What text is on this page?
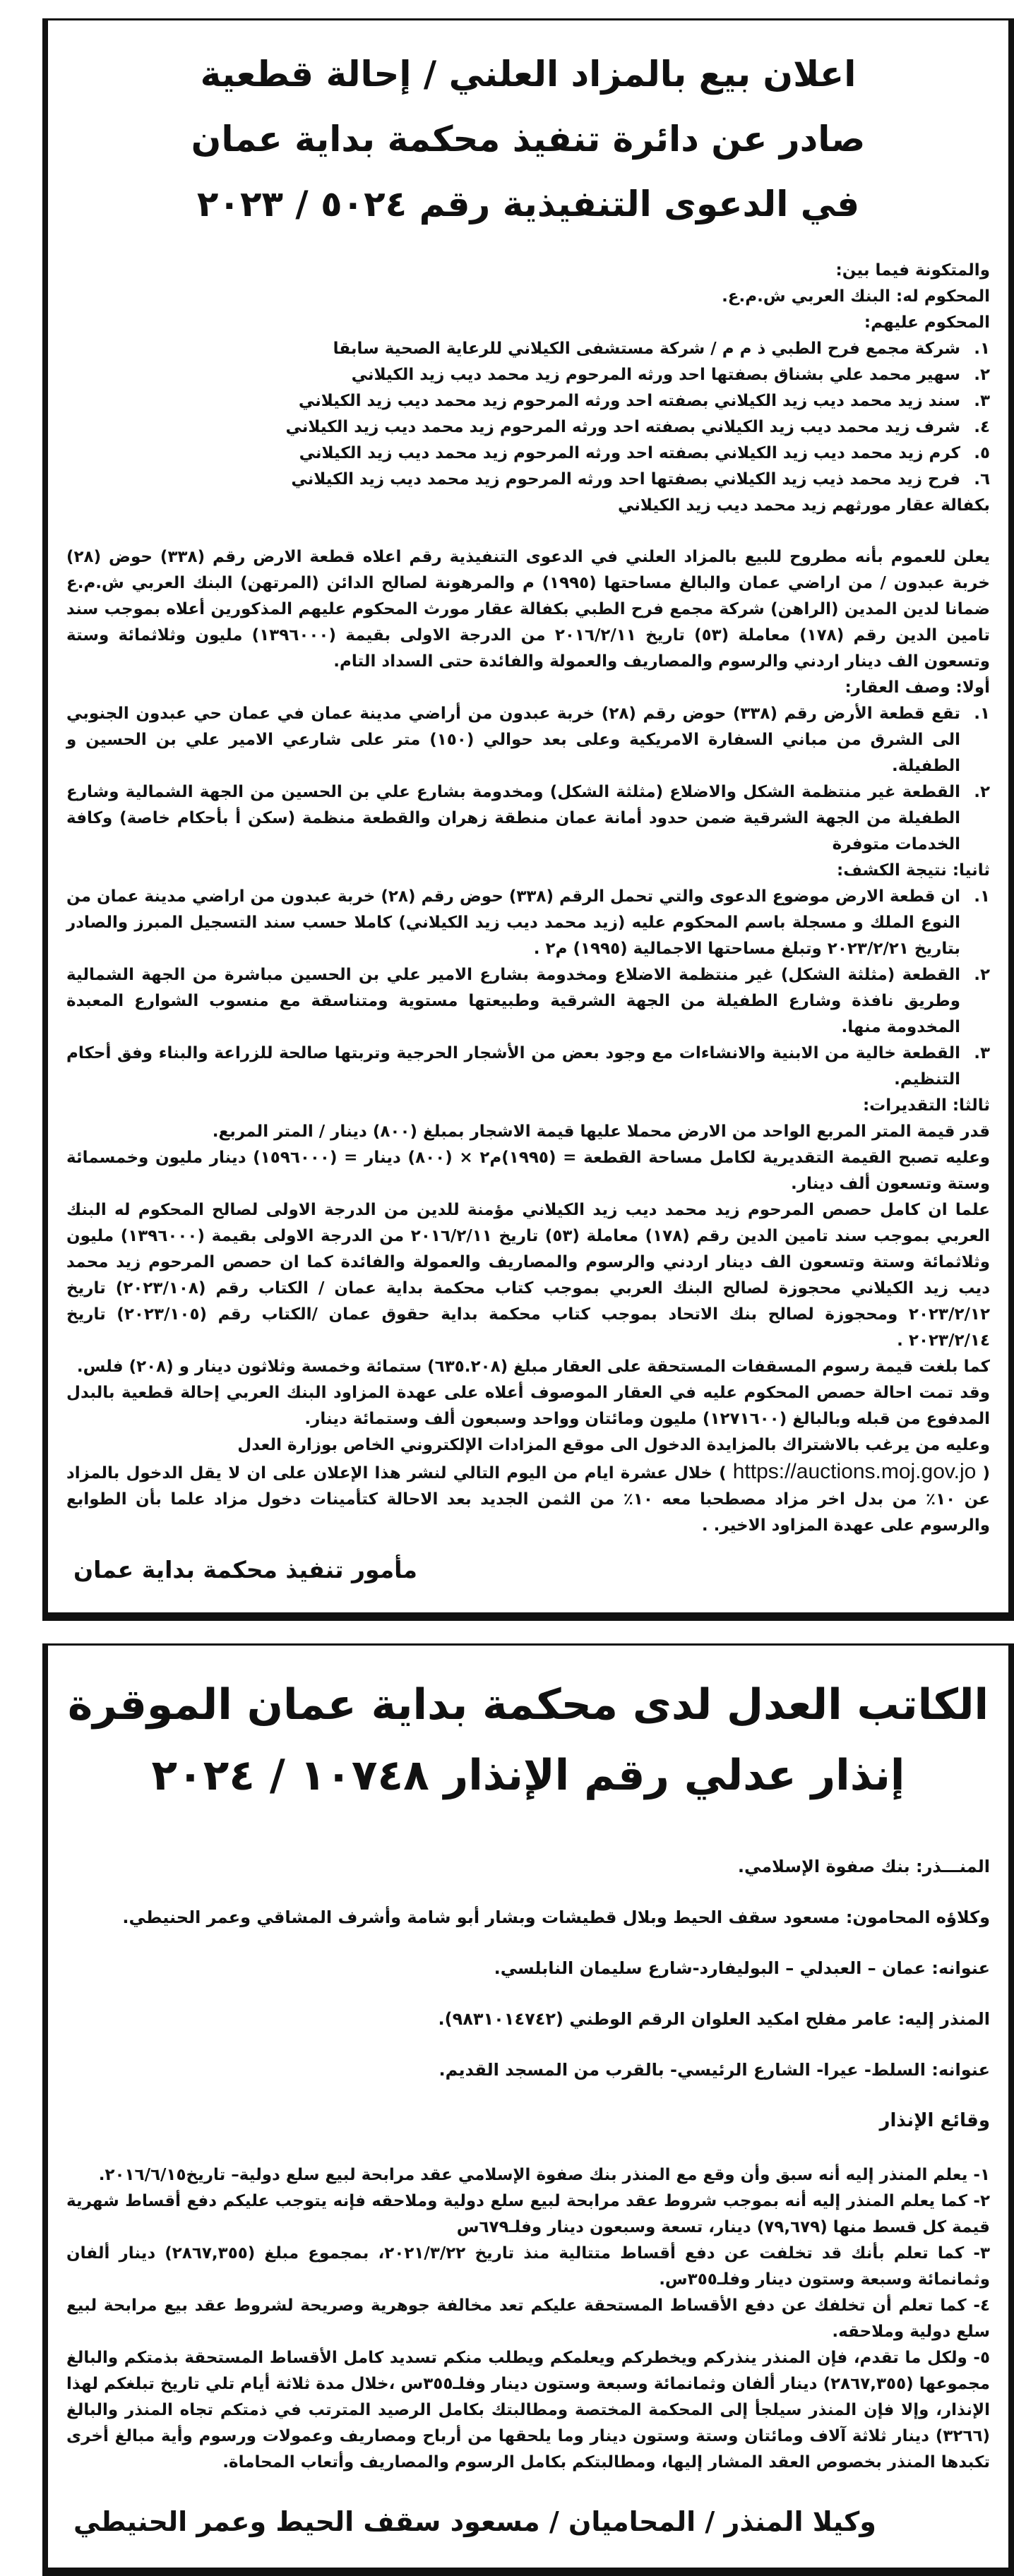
اعلان بيع بالمزاد العلني / إحالة قطعية
صادر عن دائرة تنفيذ محكمة بداية عمان
في الدعوى التنفيذية رقم ٥٠٢٤ / ٢٠٢٣
والمتكونة فيما بين:
المحكوم له: البنك العربي ش.م.ع.
المحكوم عليهم:
١.
شركة مجمع فرح الطبي ذ م م / شركة مستشفى الكيلاني للرعاية الصحية سابقا
٢.
سهير محمد علي بشناق بصفتها احد ورثه المرحوم زيد محمد ديب زيد الكيلاني
٣.
سند زيد محمد ديب زيد الكيلاني بصفته احد ورثه المرحوم زيد محمد ديب زيد الكيلاني
٤.
شرف زيد محمد ديب زيد الكيلاني بصفته احد ورثه المرحوم زيد محمد ديب زيد الكيلاني
٥.
كرم زيد محمد ديب زيد الكيلاني بصفته احد ورثه المرحوم زيد محمد ديب زيد الكيلاني
٦.
فرح زيد محمد ذيب زيد الكيلاني بصفتها احد ورثه المرحوم زيد محمد ديب زيد الكيلاني
بكفالة عقار مورثهم زيد محمد ديب زيد الكيلاني
يعلن للعموم بأنه مطروح للبيع بالمزاد العلني في الدعوى التنفيذية رقم اعلاه قطعة الارض رقم (٣٣٨) حوض (٢٨) خربة عبدون / من اراضي عمان والبالغ مساحتها (١٩٩٥) م والمرهونة لصالح الدائن (المرتهن) البنك العربي ش.م.ع ضمانا لدين المدين (الراهن) شركة مجمع فرح الطبي بكفالة عقار مورث المحكوم عليهم المذكورين أعلاه بموجب سند تامين الدين رقم (١٧٨) معاملة (٥٣) تاريخ ٢٠١٦/٢/١١ من الدرجة الاولى بقيمة (١٣٩٦٠٠٠) مليون وثلاثمائة وستة وتسعون الف دينار اردني والرسوم والمصاريف والعمولة والفائدة حتى السداد التام.
أولا: وصف العقار:
١.
تقع قطعة الأرض رقم (٣٣٨) حوض رقم (٢٨) خربة عبدون من أراضي مدينة عمان في عمان حي عبدون الجنوبي الى الشرق من مباني السفارة الامريكية وعلى بعد حوالي (١٥٠) متر على شارعي الامير علي بن الحسين و الطفيلة.
٢.
القطعة غير منتظمة الشكل والاضلاع (مثلثة الشكل) ومخدومة بشارع علي بن الحسين من الجهة الشمالية وشارع الطفيلة من الجهة الشرقية ضمن حدود أمانة عمان منطقة زهران والقطعة منظمة (سكن أ بأحكام خاصة) وكافة الخدمات متوفرة
ثانيا: نتيجة الكشف:
١.
ان قطعة الارض موضوع الدعوى والتي تحمل الرقم (٣٣٨) حوض رقم (٢٨) خربة عبدون من اراضي مدينة عمان من النوع الملك و مسجلة باسم المحكوم عليه (زيد محمد ديب زيد الكيلاني) كاملا حسب سند التسجيل المبرز والصادر بتاريخ ٢٠٢٣/٢/٢١ وتبلغ مساحتها الاجمالية (١٩٩٥) م٢ .
٢.
القطعة (مثلثة الشكل) غير منتظمة الاضلاع ومخدومة بشارع الامير علي بن الحسين مباشرة من الجهة الشمالية وطريق نافذة وشارع الطفيلة من الجهة الشرقية وطبيعتها مستوية ومتناسقة مع منسوب الشوارع المعبدة المخدومة منها.
٣.
القطعة خالية من الابنية والانشاءات مع وجود بعض من الأشجار الحرجية وتربتها صالحة للزراعة والبناء وفق أحكام التنظيم.
ثالثا: التقديرات:
قدر قيمة المتر المربع الواحد من الارض محملا عليها قيمة الاشجار بمبلغ (٨٠٠) دينار / المتر المربع.
وعليه تصبح القيمة التقديرية لكامل مساحة القطعة = (١٩٩٥)م٢ × (٨٠٠) دينار = (١٥٩٦٠٠٠) دينار مليون وخمسمائة وستة وتسعون ألف دينار.
علما ان كامل حصص المرحوم زيد محمد ديب زيد الكيلاني مؤمنة للدين من الدرجة الاولى لصالح المحكوم له البنك العربي بموجب سند تامين الدين رقم (١٧٨) معاملة (٥٣) تاريخ ٢٠١٦/٢/١١ من الدرجة الاولى بقيمة (١٣٩٦٠٠٠) مليون وثلاثمائة وستة وتسعون الف دينار اردني والرسوم والمصاريف والعمولة والفائدة كما ان حصص المرحوم زيد محمد ديب زيد الكيلاني محجوزة لصالح البنك العربي بموجب كتاب محكمة بداية عمان / الكتاب رقم (٢٠٢٣/١٠٨) تاريخ ٢٠٢٣/٢/١٢ ومحجوزة لصالح بنك الاتحاد بموجب كتاب محكمة بداية حقوق عمان /الكتاب رقم (٢٠٢٣/١٠٥) تاريخ ٢٠٢٣/٢/١٤ .
كما بلغت قيمة رسوم المسقفات المستحقة على العقار مبلغ (٦٣٥.٢٠٨) ستمائة وخمسة وثلاثون دينار و (٢٠٨) فلس.
وقد تمت احالة حصص المحكوم عليه في العقار الموصوف أعلاه على عهدة المزاود البنك العربي إحالة قطعية بالبدل المدفوع من قبله وبالبالغ (١٢٧١٦٠٠) مليون ومائتان وواحد وسبعون ألف وستمائة دينار.
وعليه من يرغب بالاشتراك بالمزايدة الدخول الى موقع المزادات الإلكتروني الخاص بوزارة العدل
( https://auctions.moj.gov.jo ) خلال عشرة ايام من اليوم التالي لنشر هذا الإعلان على ان لا يقل الدخول بالمزاد عن ١٠٪ من بدل اخر مزاد مصطحبا معه ١٠٪ من الثمن الجديد بعد الاحالة كتأمينات دخول مزاد علما بأن الطوابع والرسوم على عهدة المزاود الاخير. .
مأمور تنفيذ محكمة بداية عمان
الكاتب العدل لدى محكمة بداية عمان الموقرة
إنذار عدلي رقم الإنذار ١٠٧٤٨ / ٢٠٢٤
المنـــذر: بنك صفوة الإسلامي.
وكلاؤه المحامون: مسعود سقف الحيط وبلال قطيشات وبشار أبو شامة وأشرف المشاقي وعمر الحنيطي.
عنوانه: عمان – العبدلي – البوليفارد-شارع سليمان النابلسي.
المنذر إليه: عامر مفلح امكيد العلوان الرقم الوطني (٩٨٣١٠١٤٧٤٢).
عنوانه: السلط- عيرا- الشارع الرئيسي- بالقرب من المسجد القديم.
وقائع الإنذار
١- يعلم المنذر إليه أنه سبق وأن وقع مع المنذر بنك صفوة الإسلامي عقد مرابحة لبيع سلع دولية– تاريخ٢٠١٦/٦/١٥.
٢- كما يعلم المنذر إليه أنه بموجب شروط عقد مرابحة لبيع سلع دولية وملاحقه فإنه يتوجب عليكم دفع أقساط شهرية قيمة كل قسط منها (٧٩,٦٧٩) دينار، تسعة وسبعون دينار وفلـ٦٧٩س
٣- كما تعلم بأنك قد تخلفت عن دفع أقساط متتالية منذ تاريخ ٢٠٢١/٣/٢٢، بمجموع مبلغ (٢٨٦٧,٣٥٥) دينار ألفان وثمانمائة وسبعة وستون دينار وفلـ٣٥٥س.
٤- كما تعلم أن تخلفك عن دفع الأقساط المستحقة عليكم تعد مخالفة جوهرية وصريحة لشروط عقد بيع مرابحة لبيع سلع دولية وملاحقه.
٥- ولكل ما تقدم، فإن المنذر ينذركم ويخطركم ويعلمكم ويطلب منكم تسديد كامل الأقساط المستحقة بذمتكم والبالغ مجموعها (٢٨٦٧,٣٥٥) دينار ألفان وثمانمائة وسبعة وستون دينار وفلـ٣٥٥س ،خلال مدة ثلاثة أيام تلي تاريخ تبلغكم لهذا الإنذار، وإلا فإن المنذر سيلجأ إلى المحكمة المختصة ومطالبتك بكامل الرصيد المترتب في ذمتكم تجاه المنذر والبالغ (٣٢٦٦) دينار ثلاثة آلاف ومائتان وستة وستون دينار وما يلحقها من أرباح ومصاريف وعمولات ورسوم وأية مبالغ أخرى تكبدها المنذر بخصوص العقد المشار إليها، ومطالبتكم بكامل الرسوم والمصاريف وأتعاب المحاماة.
وكيلا المنذر / المحاميان / مسعود سقف الحيط وعمر الحنيطي
